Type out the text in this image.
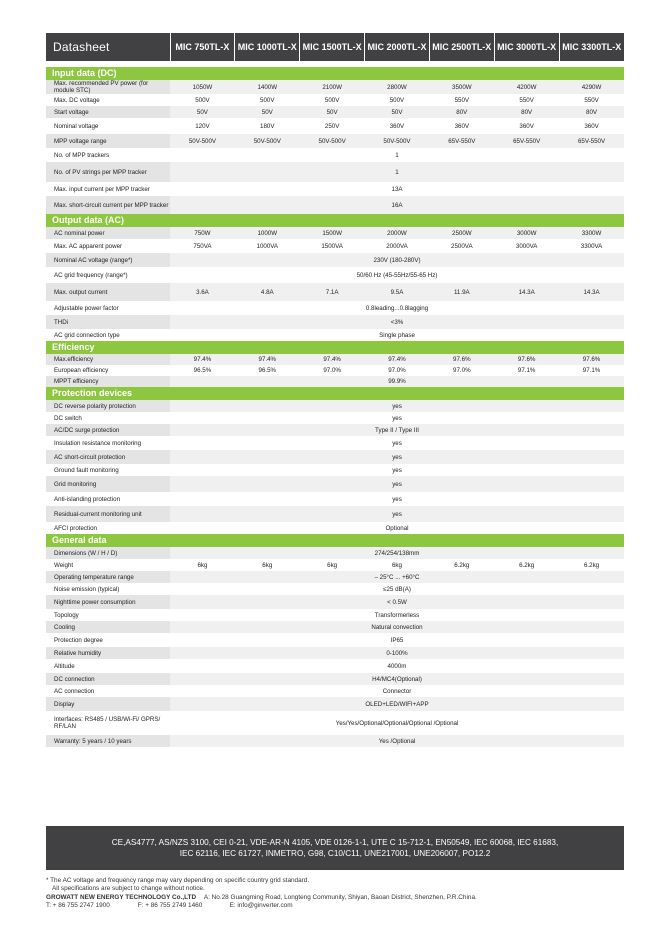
Datasheet	MIC 750TL-X	MIC 1000TL-X	MIC 1500TL-X	MIC 2000TL-X	MIC 2500TL-X	MIC 3000TL-X	MIC 3300TL-X

Input data (DC)							
Max. recommended PV power (for module STC)	1050W	1400W	2100W	2800W	3500W	4200W	4290W
Max. DC voltage	500V	500V	500V	500V	550V	550V	550V
Start voltage	50V	50V	50V	50V	80V	80V	80V
Nominal voltage	120V	180V	250V	360V	360V	360V	360V
MPP voltage range	50V-500V	50V-500V	50V-500V	50V-500V	65V-550V	65V-550V	65V-550V
No. of MPP trackers	1						
No. of PV strings per MPP tracker	1						
Max. input current per MPP tracker	13A						
Max. short-circuit current per MPP tracker	16A						
Output data (AC)							
AC nominal power	750W	1000W	1500W	2000W	2500W	3000W	3300W
Max. AC apparent power	750VA	1000VA	1500VA	2000VA	2500VA	3000VA	3300VA
Nominal AC voltage (range*)	230V (180-280V)						
AC grid frequency (range*)	50/60 Hz (45-55Hz/55-65 Hz)						
Max. output current	3.6A	4.8A	7.1A	9.5A	11.9A	14.3A	14.3A
Adjustable power factor	0.8leading...0.8lagging						
THDi	<3%						
AC grid connection type	Single phase						
Efficiency							
Max.efficiency	97.4%	97.4%	97.4%	97.4%	97.6%	97.6%	97.6%
European efficiency	96.5%	96.5%	97.0%	97.0%	97.0%	97.1%	97.1%
MPPT efficiency	99.9%						
Protection devices							
DC reverse polarity protection	yes						
DC switch	yes						
AC/DC surge protection	Type II / Type III						
Insulation resistance monitoring	yes						
AC short-circuit protection	yes						
Ground fault monitoring	yes						
Grid monitoring	yes						
Anti-islanding protection	yes						
Residual-current monitoring unit	yes						
AFCI protection	Optional						
General data							
Dimensions (W / H / D)	274/254/138mm						
Weight	6kg	6kg	6kg	6kg	6.2kg	6.2kg	6.2kg
Operating temperature range	– 25°C ... +60°C						
Noise emission (typical)	≤25 dB(A)						
Nighttime power consumption	< 0.5W						
Topology	Transformerless						
Cooling	Natural convection						
Protection degree	IP65						
Relative humidity	0-100%						
Altitude	4000m						
DC connection	H4/MC4(Optional)						
AC connection	Connector						
Display	OLED+LED/WIFI+APP						
Interfaces: RS485 / USB/Wi-Fi/ GPRS/ RF/LAN	Yes/Yes/Optional/Optional/Optional /Optional						
Warranty: 5 years / 10 years	Yes /Optional						
CE,AS4777, AS/NZS 3100, CEI 0-21, VDE-AR-N 4105, VDE 0126-1-1, UTE C 15-712-1, EN50549, IEC 60068, IEC 61683,
IEC 62116, IEC 61727, INMETRO, G98, C10/C11, UNE217001, UNE206007, PO12.2
* The AC voltage and frequency range may vary depending on specific country grid standard.
All specifications are subject to change without notice.
GROWATT NEW ENERGY TECHNOLOGY Co.,LTD A: No.28 Guangming Road, Longteng Community, Shiyan, Baoan District, Shenzhen, P.R.China.
T: + 86 755 2747 1900	F: + 86 755 2749 1460	E: info@ginverter.com
